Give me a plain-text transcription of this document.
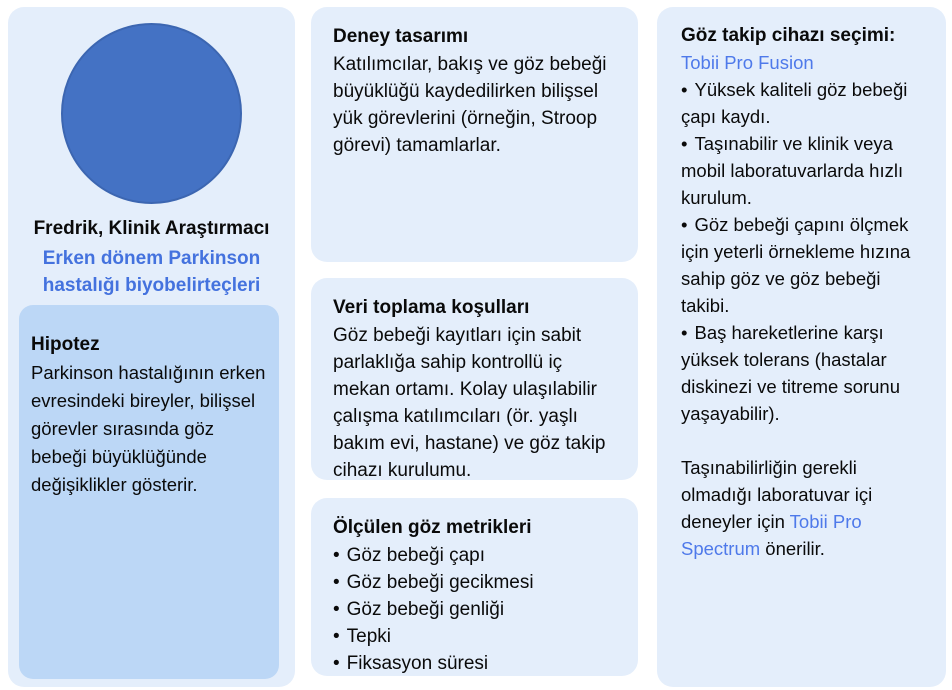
Fredrik, Klinik Araştırmacı
Erken dönem Parkinson hastalığı biyobelirteçleri
Hipotez
Parkinson hastalığının erken evresindeki bireyler, bilişsel görevler sırasında göz bebeği büyüklüğünde değişiklikler gösterir.
Deney tasarımı
Katılımcılar, bakış ve göz bebeği büyüklüğü kaydedilirken bilişsel yük görevlerini (örneğin, Stroop görevi) tamamlarlar.
Veri toplama koşulları
Göz bebeği kayıtları için sabit parlaklığa sahip kontrollü iç mekan ortamı. Kolay ulaşılabilir çalışma katılımcıları (ör. yaşlı bakım evi, hastane) ve göz takip cihazı kurulumu.
Ölçülen göz metrikleri
• Göz bebeği çapı
• Göz bebeği gecikmesi
• Göz bebeği genliği
• Tepki
• Fiksasyon süresi
Göz takip cihazı seçimi:
Tobii Pro Fusion

• Yüksek kaliteli göz bebeği çapı kaydı.

• Taşınabilir ve klinik veya mobil laboratuvarlarda hızlı kurulum.

• Göz bebeği çapını ölçmek için yeterli örnekleme hızına sahip göz ve göz bebeği takibi.

• Baş hareketlerine karşı yüksek tolerans (hastalar diskinezi ve titreme sorunu yaşayabilir).

Taşınabilirliğin gerekli olmadığı laboratuvar içi deneyler için Tobii Pro Spectrum önerilir.
